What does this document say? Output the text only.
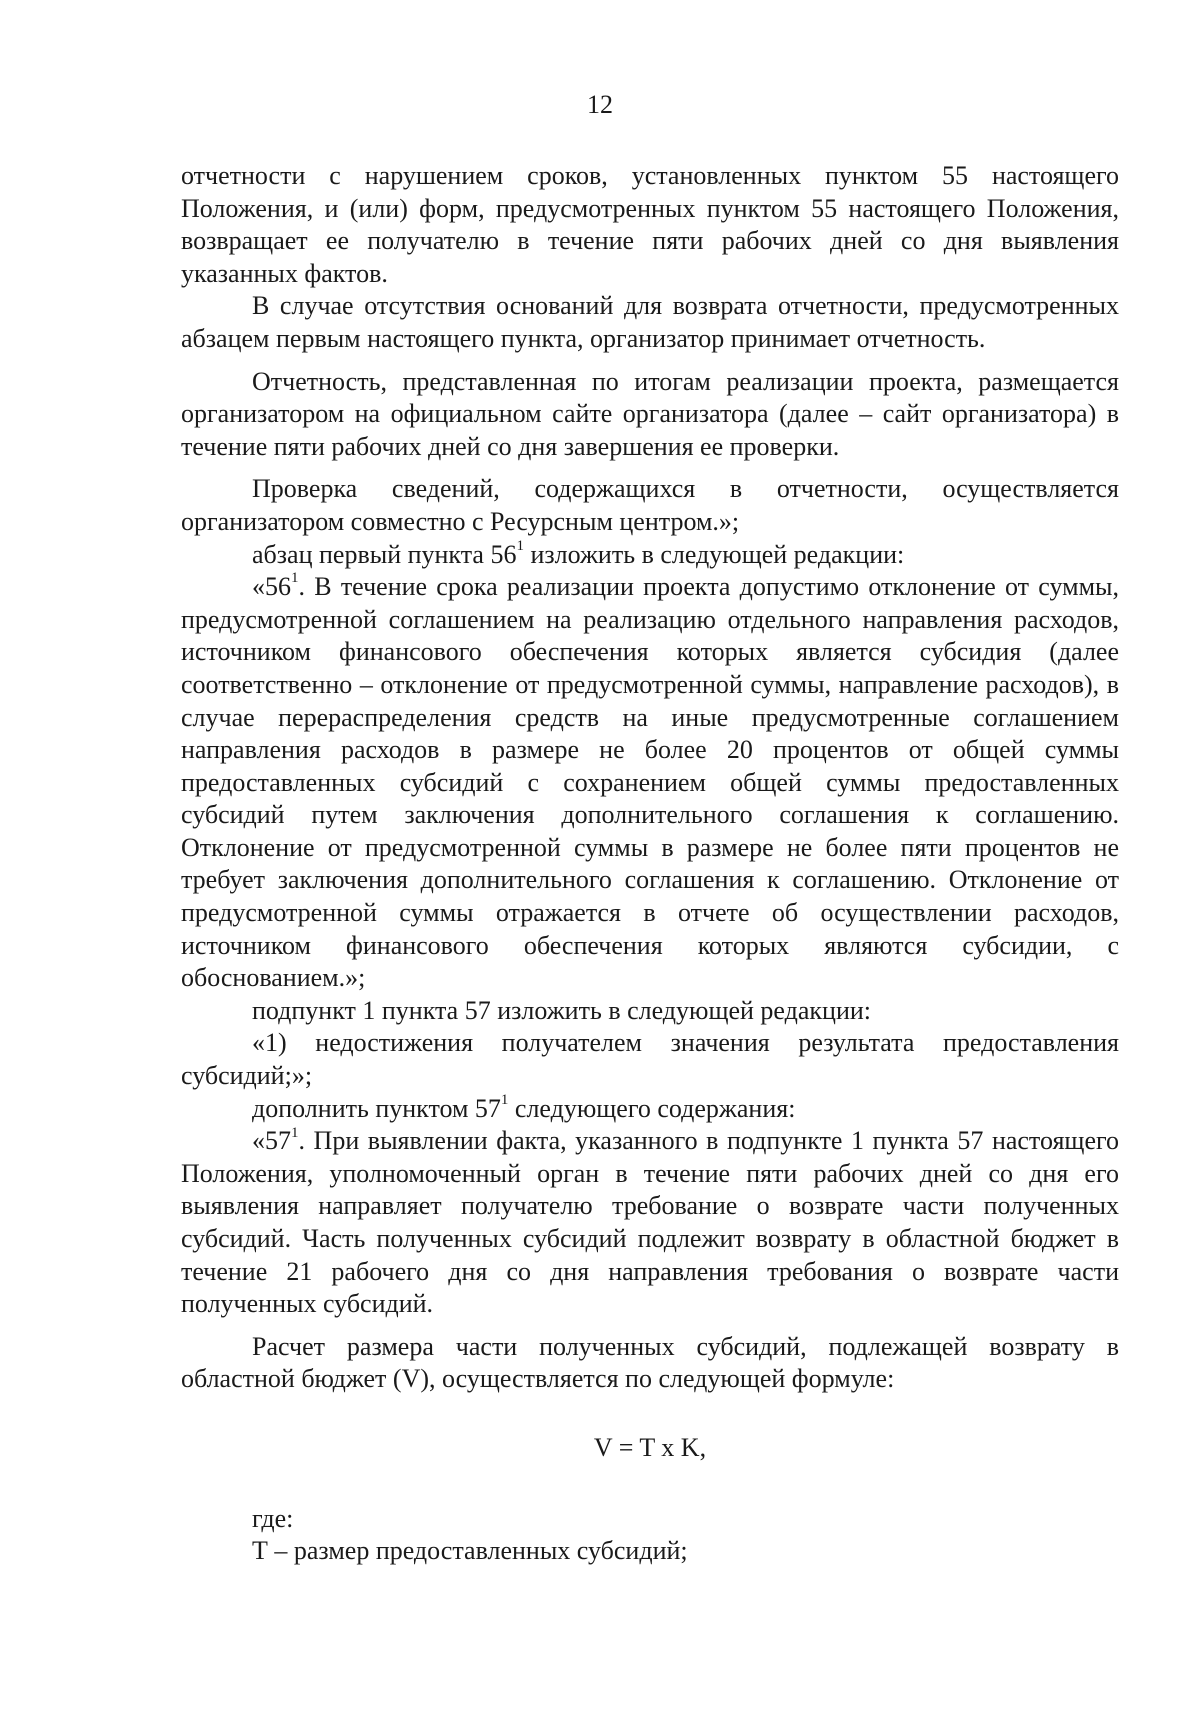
12

отчетности с нарушением сроков, установленных пунктом 55 настоящего Положения, и (или) форм, предусмотренных пунктом 55 настоящего Положения, возвращает ее получателю в течение пяти рабочих дней со дня выявления указанных фактов.

В случае отсутствия оснований для возврата отчетности, предусмотренных абзацем первым настоящего пункта, организатор принимает отчетность.

Отчетность, представленная по итогам реализации проекта, размещается организатором на официальном сайте организатора (далее – сайт организатора) в течение пяти рабочих дней со дня завершения ее проверки.

Проверка сведений, содержащихся в отчетности, осуществляется организатором совместно с Ресурсным центром.»;

абзац первый пункта $56^1$ изложить в следующей редакции:

«$56^1$. В течение срока реализации проекта допустимо отклонение от суммы, предусмотренной соглашением на реализацию отдельного направления расходов, источником финансового обеспечения которых является субсидия (далее соответственно – отклонение от предусмотренной суммы, направление расходов), в случае перераспределения средств на иные предусмотренные соглашением направления расходов в размере не более 20 процентов от общей суммы предоставленных субсидий с сохранением общей суммы предоставленных субсидий путем заключения дополнительного соглашения к соглашению. Отклонение от предусмотренной суммы в размере не более пяти процентов не требует заключения дополнительного соглашения к соглашению. Отклонение от предусмотренной суммы отражается в отчете об осуществлении расходов, источником финансового обеспечения которых являются субсидии, с обоснованием.»;

подпункт 1 пункта 57 изложить в следующей редакции:

«1) недостижения получателем значения результата предоставления субсидий;»;

дополнить пунктом $57^1$ следующего содержания:

«$57^1$. При выявлении факта, указанного в подпункте 1 пункта 57 настоящего Положения, уполномоченный орган в течение пяти рабочих дней со дня его выявления направляет получателю требование о возврате части полученных субсидий. Часть полученных субсидий подлежит возврату в областной бюджет в течение 21 рабочего дня со дня направления требования о возврате части полученных субсидий.

Расчет размера части полученных субсидий, подлежащей возврату в областной бюджет (V), осуществляется по следующей формуле:

V = T x K,

где:

Т – размер предоставленных субсидий;
